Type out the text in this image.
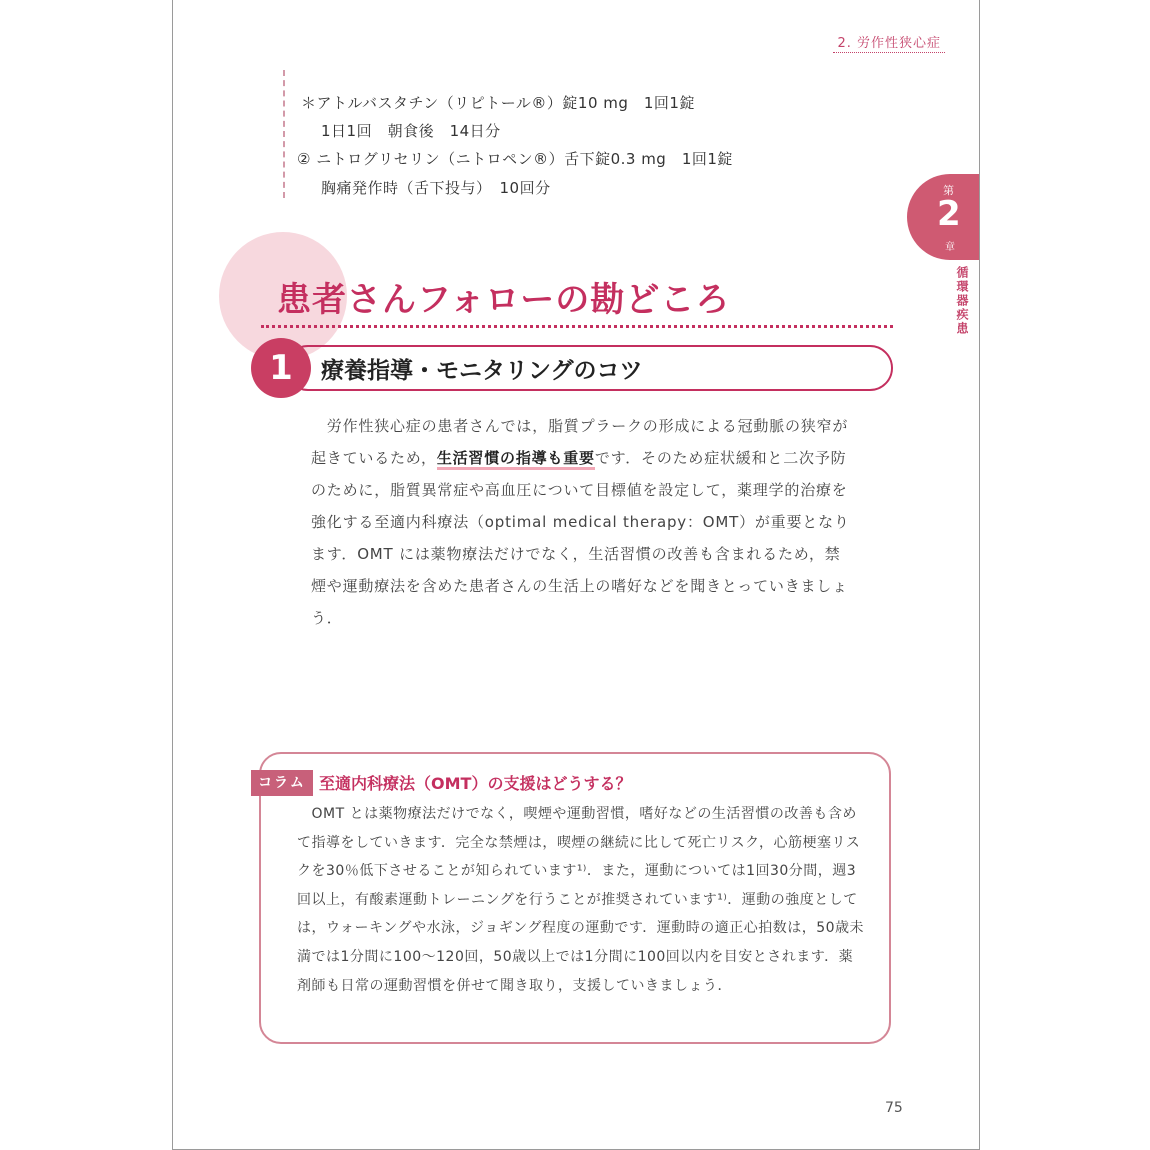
2. 労作性狭心症
＊アトルバスタチン（リピトール®）錠10 mg　1回1錠
1日1回　朝食後　14日分
② ニトログリセリン（ニトロペン®）舌下錠0.3 mg　1回1錠
胸痛発作時（舌下投与）　10回分	第
2
章
循環器疾患
患者さんフォローの勘どころ
1	療養指導・モニタリングのコツ
　労作性狭心症の患者さんでは，脂質プラークの形成による冠動脈の狭窄が起きているため，生活習慣の指導も重要です．そのため症状緩和と二次予防のために，脂質異常症や高血圧について目標値を設定して，薬理学的治療を強化する至適内科療法（optimal medical therapy：OMT）が重要となります．OMT には薬物療法だけでなく，生活習慣の改善も含まれるため，禁煙や運動療法を含めた患者さんの生活上の嗜好などを聞きとっていきましょう．
コラム 至適内科療法（OMT）の支援はどうする？
　OMT とは薬物療法だけでなく，喫煙や運動習慣，嗜好などの生活習慣の改善も含めて指導をしていきます．完全な禁煙は，喫煙の継続に比して死亡リスク，心筋梗塞リスクを30％低下させることが知られています¹⁾．また，運動については1回30分間，週3回以上，有酸素運動トレーニングを行うことが推奨されています¹⁾．運動の強度としては，ウォーキングや水泳，ジョギング程度の運動です．運動時の適正心拍数は，50歳未満では1分間に100〜120回，50歳以上では1分間に100回以内を目安とされます．薬剤師も日常の運動習慣を併せて聞き取り，支援していきましょう．
75
